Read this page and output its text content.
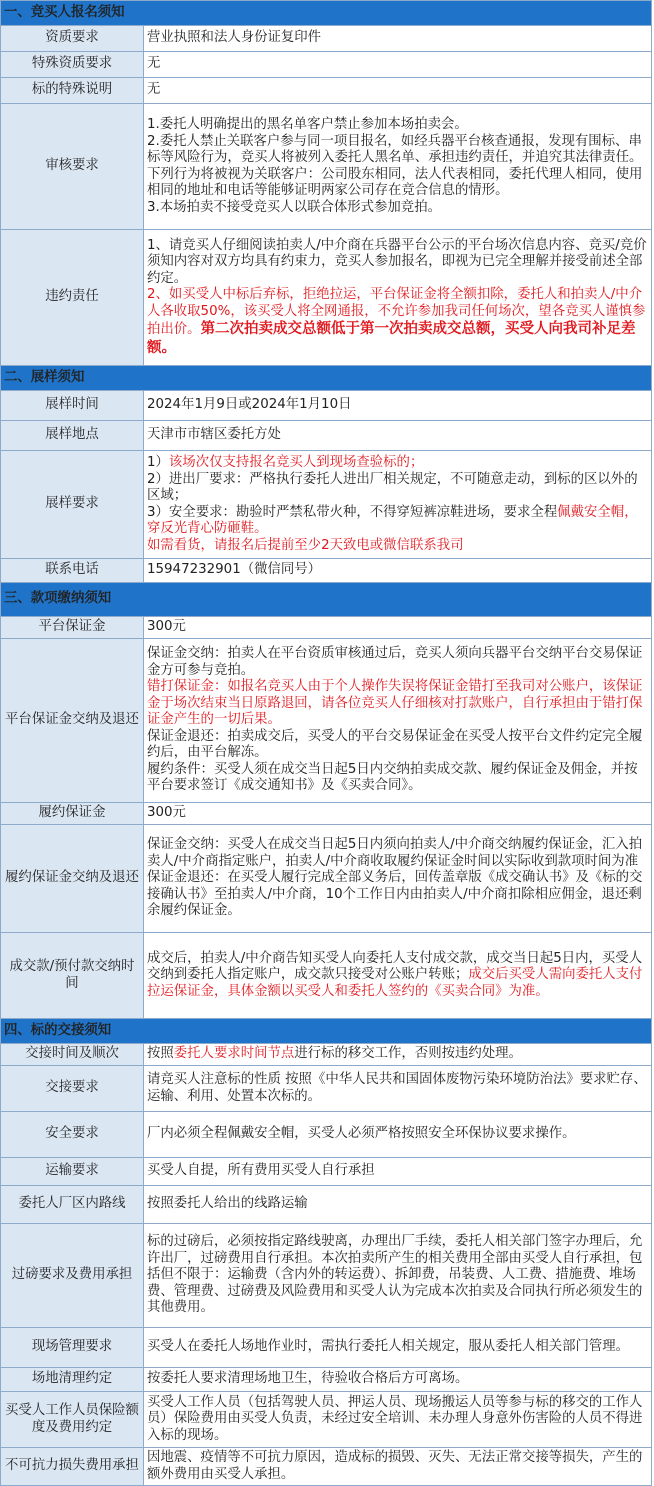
一、竞买人报名须知	
资质要求	营业执照和法人身份证复印件
特殊资质要求	无
标的特殊说明	无
审核要求	1.委托人明确提出的黑名单客户禁止参加本场拍卖会。

2.委托人禁止关联客户参与同一项目报名，如经兵器平台核查通报，发现有围标、串标等风险行为，竞买人将被列入委托人黑名单、承担违约责任，并追究其法律责任。下列行为将被视为关联客户：公司股东相同，法人代表相同，委托代理人相同，使用相同的地址和电话等能够证明两家公司存在竞合信息的情形。

3.本场拍卖不接受竞买人以联合体形式参加竞拍。

违约责任	1、请竞买人仔细阅读拍卖人/中介商在兵器平台公示的平台场次信息内容、竞买/竞价须知内容对双方均具有约束力，竞买人参加报名，即视为已完全理解并接受前述全部约定。
2、如买受人中标后弃标，拒绝拉运，平台保证金将全额扣除，委托人和拍卖人/中介人各收取50%，该买受人将全网通报，不允许参加我司任何场次，望各竞买人谨慎参拍出价。第二次拍卖成交总额低于第一次拍卖成交总额，买受人向我司补足差额。
二、展样须知	
展样时间	2024年1月9日或2024年1月10日
展样地点	天津市市辖区委托方处
展样要求	1）该场次仅支持报名竞买人到现场查验标的；
2）进出厂要求：严格执行委托人进出厂相关规定，不可随意走动，到标的区以外的区域；
3）安全要求：勘验时严禁私带火种，不得穿短裤凉鞋进场，要求全程佩戴安全帽，穿反光背心防砸鞋。
如需看货，请报名后提前至少2天致电或微信联系我司
联系电话	15947232901（微信同号）
三、款项缴纳须知	
平台保证金	300元
平台保证金交纳及退还	保证金交纳：拍卖人在平台资质审核通过后，竞买人须向兵器平台交纳平台交易保证金方可参与竞拍。

错打保证金：如报名竞买人由于个人操作失误将保证金错打至我司对公账户，该保证金于场次结束当日原路退回，请各位竞买人仔细核对打款账户，自行承担由于错打保证金产生的一切后果。

保证金退还：拍卖成交后，买受人的平台交易保证金在买受人按平台文件约定完全履约后，由平台解冻。

履约条件：买受人须在成交当日起5日内交纳拍卖成交款、履约保证金及佣金，并按平台要求签订《成交通知书》及《买卖合同》。

履约保证金	300元
履约保证金交纳及退还	保证金交纳：买受人在成交当日起5日内须向拍卖人/中介商交纳履约保证金，汇入拍卖人/中介商指定账户，拍卖人/中介商收取履约保证金时间以实际收到款项时间为准

保证金退还：在买受人履行完成全部义务后，回传盖章版《成交确认书》及《标的交接确认书》至拍卖人/中介商，10个工作日内由拍卖人/中介商扣除相应佣金，退还剩余履约保证金。

成交款/预付款交纳时间	成交后，拍卖人/中介商告知买受人向委托人支付成交款，成交当日起5日内，买受人交纳到委托人指定账户，成交款只接受对公账户转账；成交后买受人需向委托人支付拉运保证金，具体金额以买受人和委托人签约的《买卖合同》为准。
四、标的交接须知	
交接时间及顺次	按照委托人要求时间节点进行标的移交工作，否则按违约处理。
交接要求	请竞买人注意标的性质 按照《中华人民共和国固体废物污染环境防治法》要求贮存、运输、利用、处置本次标的。
安全要求	厂内必须全程佩戴安全帽，买受人必须严格按照安全环保协议要求操作。
运输要求	买受人自提，所有费用买受人自行承担
委托人厂区内路线	按照委托人给出的线路运输
过磅要求及费用承担	标的过磅后，必须按指定路线驶离，办理出厂手续，委托人相关部门签字办理后，允许出厂，过磅费用自行承担。本次拍卖所产生的相关费用全部由买受人自行承担，包括但不限于：运输费（含内外的转运费）、拆卸费，吊装费、人工费、措施费、堆场费、管理费、过磅费及风险费用和买受人认为完成本次拍卖及合同执行所必须发生的其他费用。
现场管理要求	买受人在委托人场地作业时，需执行委托人相关规定，服从委托人相关部门管理。
场地清理约定	按委托人要求清理场地卫生，待验收合格后方可离场。
买受人工作人员保险额度及费用约定	买受人工作人员（包括驾驶人员、押运人员、现场搬运人员等参与标的移交的工作人员）保险费用由买受人负责，未经过安全培训、未办理人身意外伤害险的人员不得进入标的现场。
不可抗力损失费用承担	因地震、疫情等不可抗力原因，造成标的损毁、灭失、无法正常交接等损失，产生的额外费用由买受人承担。
